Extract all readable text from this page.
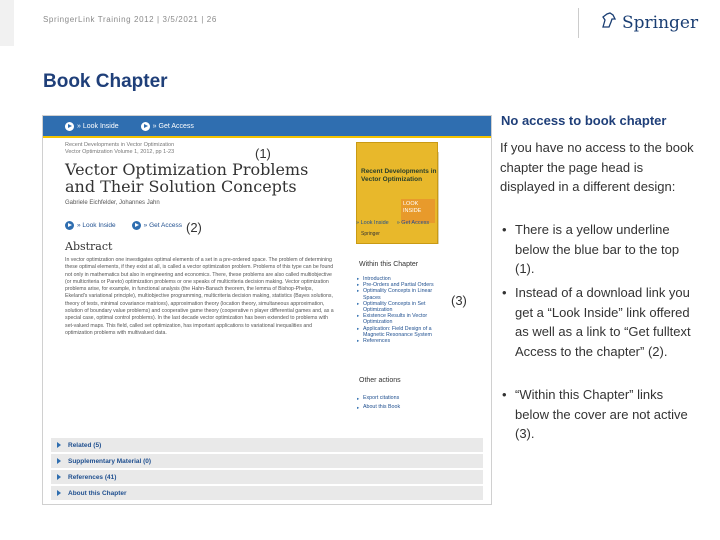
SpringerLink Training 2012 | 3/5/2021 | 26	Springer
Book Chapter
» Look Inside	» Get Access
Recent Developments in Vector Optimization
Vector Optimization Volume 1, 2012, pp 1-23
Vector Optimization Problems and Their Solution Concepts
Gabriele Eichfelder, Johannes Jahn
» Look Inside	» Get Access
Abstract
In vector optimization one investigates optimal elements of a set in a pre-ordered space. The problem of determining these optimal elements, if they exist at all, is called a vector optimization problem. Problems of this type can be found not only in mathematics but also in engineering and economics. There, these problems are also called multiobjective (or multicriteria or Pareto) optimization problems or one speaks of multicriteria decision making. Vector optimization problems arise, for example, in functional analysis (the Hahn-Banach theorem, the lemma of Bishop-Phelps, Ekeland's variational principle), multiobjective programming, multicriteria decision making, statistics (Bayes solutions, theory of tests, minimal covariance matrices), approximation theory (location theory, simultaneous approximation, solution of boundary value problems) and cooperative game theory (cooperative n player differential games and, as a special case, optimal control problems). In the last decade vector optimization has been extended to problems with set-valued maps. This field, called set optimization, has important applications to variational inequalities and optimization problems with multivalued data.
Recent Developments in Vector Optimization
LOOK INSIDE
Springer
» Look Inside » Get Access
Within this Chapter
▸ Introduction
▸ Pre-Orders and Partial Orders
▸ Optimality Concepts in Linear Spaces
▸ Optimality Concepts in Set Optimization
▸ Existence Results in Vector Optimization
▸ Application: Field Design of a Magnetic Resonance System
▸ References
Other actions
▸ Export citations
▸ About this Book
Related (5)
Supplementary Material (0)
References (41)
About this Chapter
(1)
(2)
(3)
No access to book chapter
If you have no access to the book chapter the page head is displayed in a different design:
• There is a yellow underline below the blue bar to the top (1).
• Instead of a download link you get a “Look Inside” link offered as well as a link to “Get fulltext Access to the chapter” (2).
• “Within this Chapter” links below the cover are not active (3).
